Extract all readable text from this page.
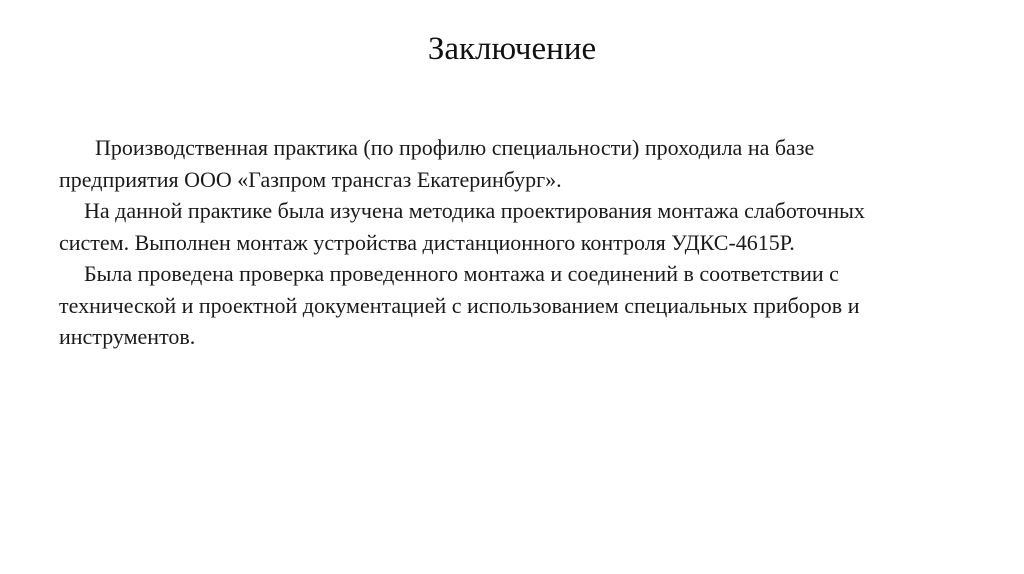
Заключение
Производственная практика (по профилю специальности) проходила на базе
предприятия ООО «Газпром трансгаз Екатеринбург».
На данной практике была изучена методика проектирования монтажа слаботочных
систем. Выполнен монтаж устройства дистанционного контроля УДКС-4615Р.
Была проведена проверка проведенного монтажа и соединений в соответствии с
технической и проектной документацией с использованием специальных приборов и
инструментов.
